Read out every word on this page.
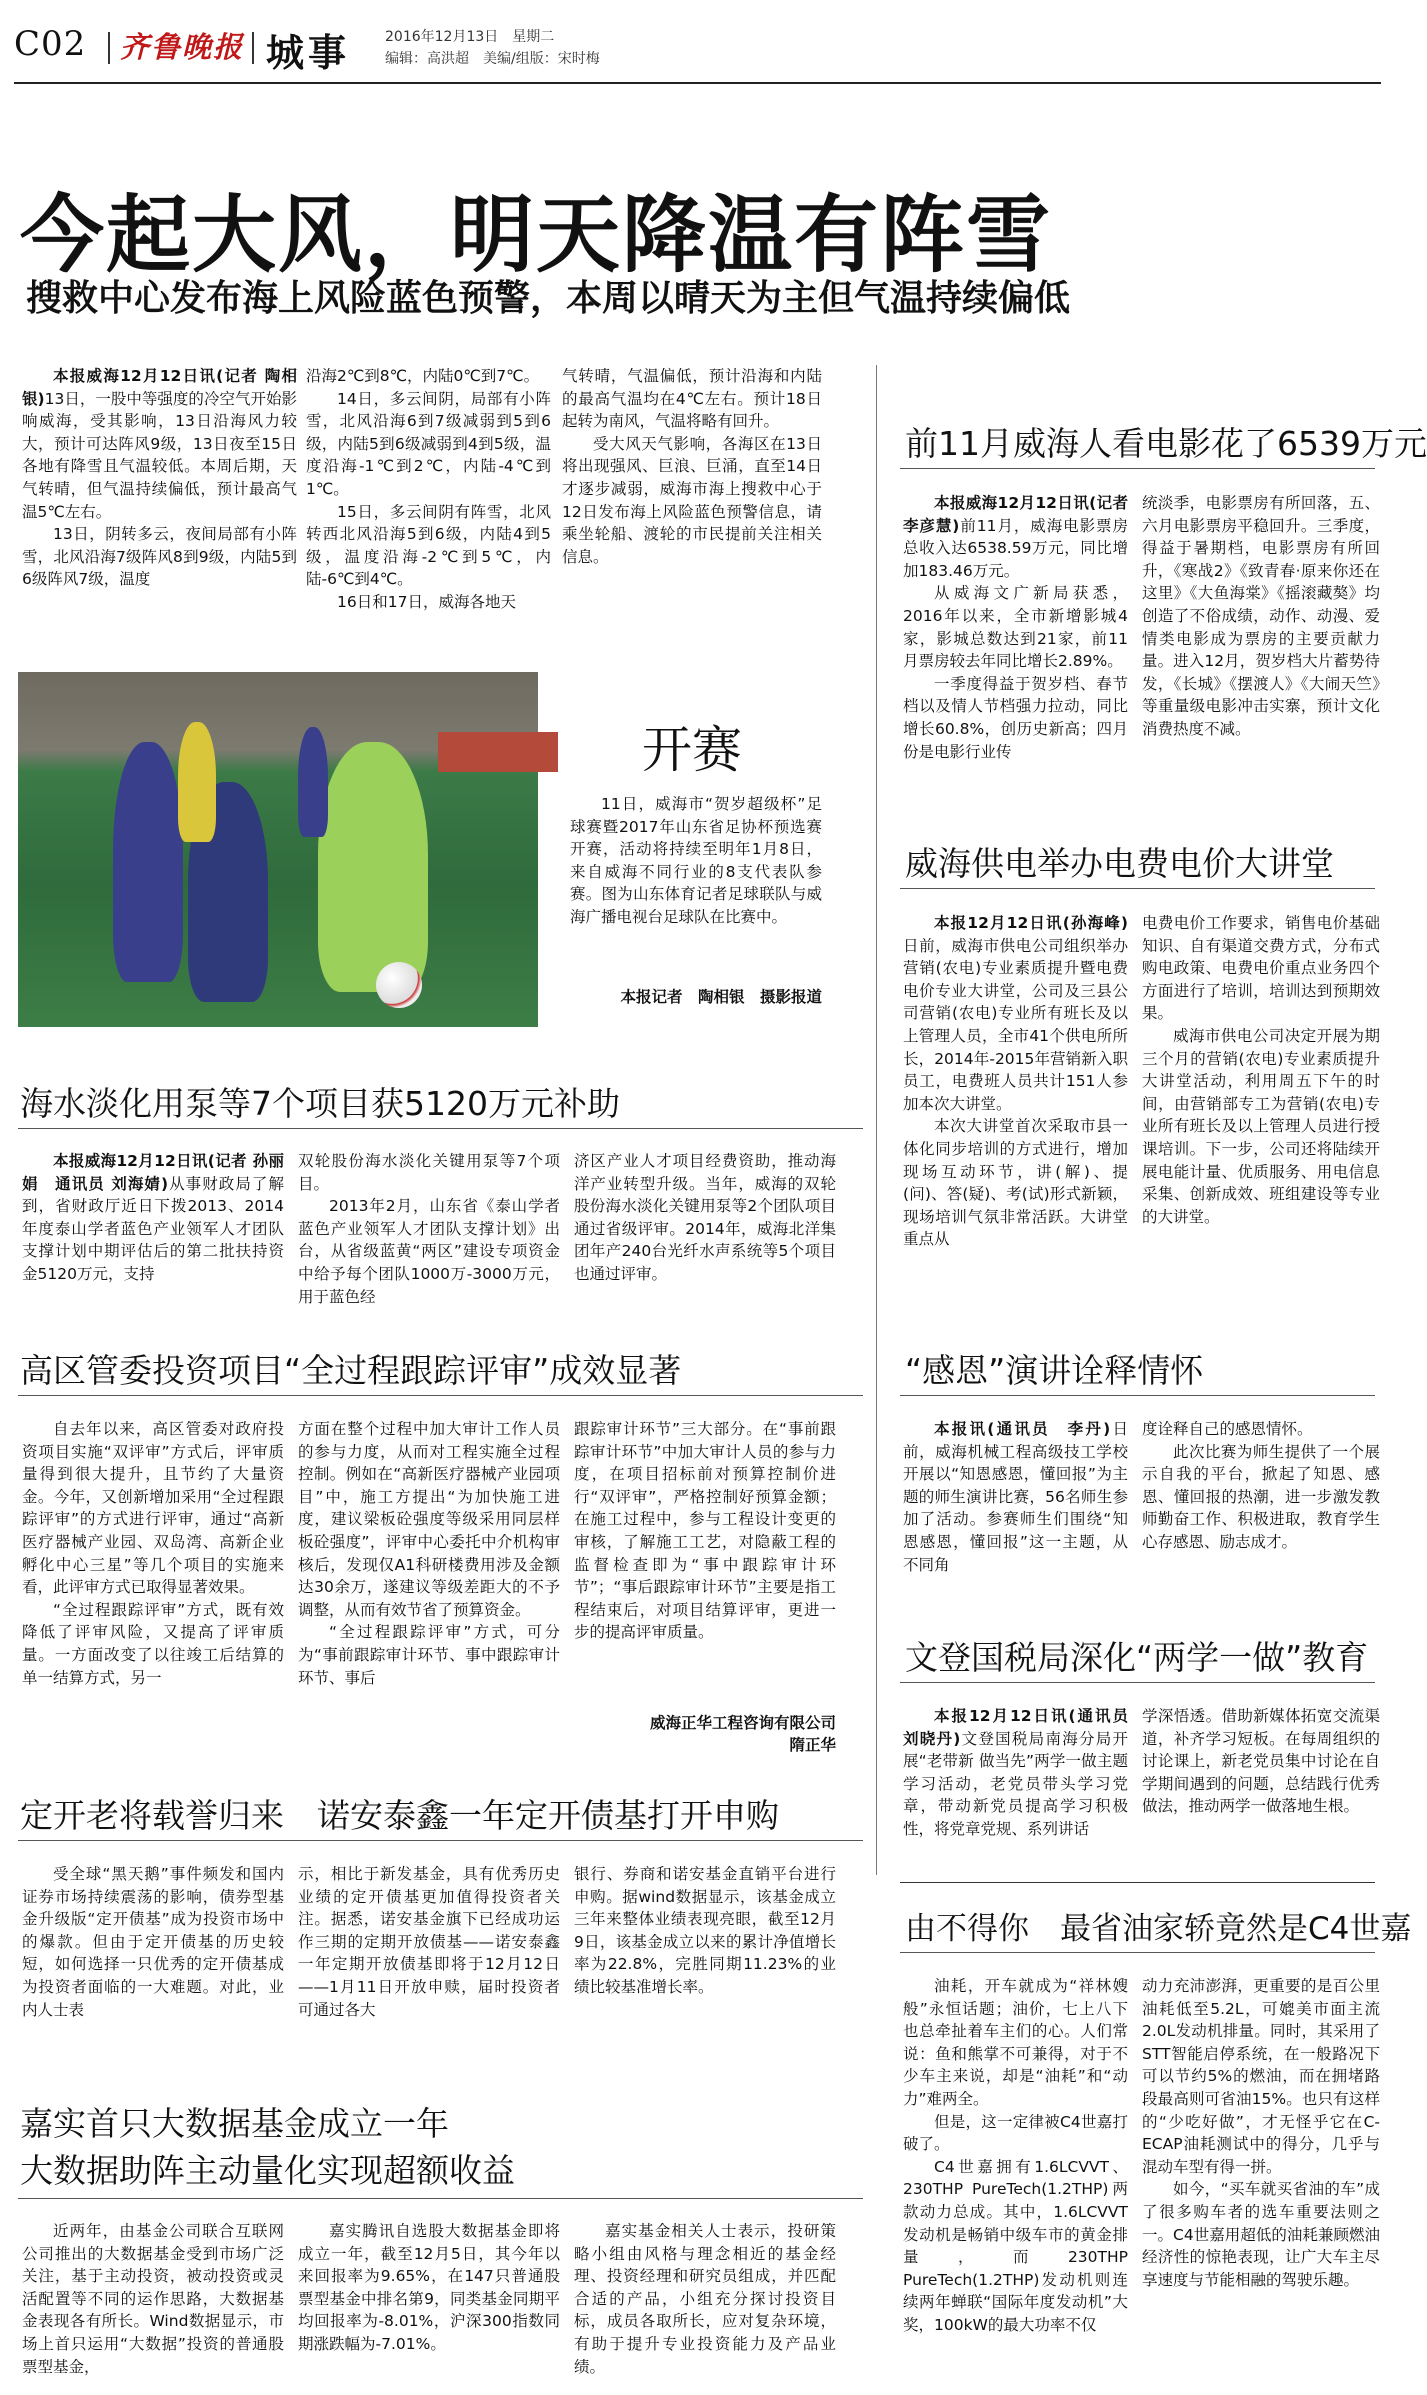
C02 齐鲁晚报 城事 2016年12月13日　星期二
编辑：高洪超　美编/组版：宋时梅
今起大风，明天降温有阵雪
搜救中心发布海上风险蓝色预警，本周以晴天为主但气温持续偏低

本报威海12月12日讯(记者 陶相银)13日，一股中等强度的冷空气开始影响威海，受其影响，13日沿海风力较大，预计可达阵风9级，13日夜至15日各地有降雪且气温较低。本周后期，天气转晴，但气温持续偏低，预计最高气温5℃左右。

13日，阴转多云，夜间局部有小阵雪，北风沿海7级阵风8到9级，内陆5到6级阵风7级，温度

沿海2℃到8℃，内陆0℃到7℃。

14日，多云间阴，局部有小阵雪，北风沿海6到7级减弱到5到6级，内陆5到6级减弱到4到5级，温度沿海-1℃到2℃，内陆-4℃到1℃。

15日，多云间阴有阵雪，北风转西北风沿海5到6级，内陆4到5级，温度沿海-2℃到5℃，内陆-6℃到4℃。

16日和17日，威海各地天

气转晴，气温偏低，预计沿海和内陆的最高气温均在4℃左右。预计18日起转为南风，气温将略有回升。

受大风天气影响，各海区在13日将出现强风、巨浪、巨涌，直至14日才逐步减弱，威海市海上搜救中心于12日发布海上风险蓝色预警信息，请乘坐轮船、渡轮的市民提前关注相关信息。

开赛

11日，威海市“贺岁超级杯”足球赛暨2017年山东省足协杯预选赛开赛，活动将持续至明年1月8日，来自威海不同行业的8支代表队参赛。图为山东体育记者足球联队与威海广播电视台足球队在比赛中。

本报记者　陶相银　摄影报道
前11月威海人看电影花了6539万元

本报威海12月12日讯(记者 李彦慧)前11月，威海电影票房总收入达6538.59万元，同比增加183.46万元。

从威海文广新局获悉，2016年以来，全市新增影城4家，影城总数达到21家，前11月票房较去年同比增长2.89%。

一季度得益于贺岁档、春节档以及情人节档强力拉动，同比增长60.8%，创历史新高；四月份是电影行业传

统淡季，电影票房有所回落，五、六月电影票房平稳回升。三季度，得益于暑期档，电影票房有所回升，《寒战2》《致青春·原来你还在这里》《大鱼海棠》《摇滚藏獒》均创造了不俗成绩，动作、动漫、爱情类电影成为票房的主要贡献力量。进入12月，贺岁档大片蓄势待发，《长城》《摆渡人》《大闹天竺》等重量级电影冲击实寨，预计文化消费热度不减。

威海供电举办电费电价大讲堂

本报12月12日讯(孙海峰)日前，威海市供电公司组织举办营销(农电)专业素质提升暨电费电价专业大讲堂，公司及三县公司营销(农电)专业所有班长及以上管理人员，全市41个供电所所长，2014年-2015年营销新入职员工，电费班人员共计151人参加本次大讲堂。

本次大讲堂首次采取市县一体化同步培训的方式进行，增加现场互动环节，讲(解)、提(问)、答(疑)、考(试)形式新颖，现场培训气氛非常活跃。大讲堂重点从

电费电价工作要求，销售电价基础知识、自有渠道交费方式，分布式购电政策、电费电价重点业务四个方面进行了培训，培训达到预期效果。

威海市供电公司决定开展为期三个月的营销(农电)专业素质提升大讲堂活动，利用周五下午的时间，由营销部专工为营销(农电)专业所有班长及以上管理人员进行授课培训。下一步，公司还将陆续开展电能计量、优质服务、用电信息采集、创新成效、班组建设等专业的大讲堂。

海水淡化用泵等7个项目获5120万元补助

本报威海12月12日讯(记者 孙丽娟　通讯员 刘海婧)从事财政局了解到，省财政厅近日下拨2013、2014年度泰山学者蓝色产业领军人才团队支撑计划中期评估后的第二批扶持资金5120万元，支持

双轮股份海水淡化关键用泵等7个项目。

2013年2月，山东省《泰山学者蓝色产业领军人才团队支撑计划》出台，从省级蓝黄“两区”建设专项资金中给予每个团队1000万-3000万元，用于蓝色经

济区产业人才项目经费资助，推动海洋产业转型升级。当年，威海的双轮股份海水淡化关键用泵等2个团队项目通过省级评审。2014年，威海北洋集团年产240台光纤水声系统等5个项目也通过评审。

高区管委投资项目“全过程跟踪评审”成效显著

自去年以来，高区管委对政府投资项目实施“双评审”方式后，评审质量得到很大提升，且节约了大量资金。今年，又创新增加采用“全过程跟踪评审”的方式进行评审，通过“高新医疗器械产业园、双岛湾、高新企业孵化中心三星”等几个项目的实施来看，此评审方式已取得显著效果。

“全过程跟踪评审”方式，既有效降低了评审风险，又提高了评审质量。一方面改变了以往竣工后结算的单一结算方式，另一

方面在整个过程中加大审计工作人员的参与力度，从而对工程实施全过程控制。例如在“高新医疗器械产业园项目”中，施工方提出“为加快施工进度，建议梁板砼强度等级采用同层样板砼强度”，评审中心委托中介机构审核后，发现仅A1科研楼费用涉及金额达30余万，遂建议等级差距大的不予调整，从而有效节省了预算资金。

“全过程跟踪评审”方式，可分为“事前跟踪审计环节、事中跟踪审计环节、事后

跟踪审计环节”三大部分。在“事前跟踪审计环节”中加大审计人员的参与力度，在项目招标前对预算控制价进行“双评审”，严格控制好预算金额；在施工过程中，参与工程设计变更的审核，了解施工工艺，对隐蔽工程的监督检查即为“事中跟踪审计环节”；“事后跟踪审计环节”主要是指工程结束后，对项目结算评审，更进一步的提高评审质量。

威海正华工程咨询有限公司
隋正华
“感恩”演讲诠释情怀

本报讯(通讯员　李丹)日前，威海机械工程高级技工学校开展以“知恩感恩，懂回报”为主题的师生演讲比赛，56名师生参加了活动。参赛师生们围绕“知恩感恩，懂回报”这一主题，从不同角

度诠释自己的感恩情怀。

此次比赛为师生提供了一个展示自我的平台，掀起了知恩、感恩、懂回报的热潮，进一步激发教师勤奋工作、积极进取，教育学生心存感恩、励志成才。

文登国税局深化“两学一做”教育

本报12月12日讯(通讯员　刘晓丹)文登国税局南海分局开展“老带新 做当先”两学一做主题学习活动，老党员带头学习党章，带动新党员提高学习积极性，将党章党规、系列讲话

学深悟透。借助新媒体拓宽交流渠道，补齐学习短板。在每周组织的讨论课上，新老党员集中讨论在自学期间遇到的问题，总结践行优秀做法，推动两学一做落地生根。

定开老将载誉归来　诺安泰鑫一年定开债基打开申购

受全球“黑天鹅”事件频发和国内证券市场持续震荡的影响，债券型基金升级版“定开债基”成为投资市场中的爆款。但由于定开债基的历史较短，如何选择一只优秀的定开债基成为投资者面临的一大难题。对此，业内人士表

示，相比于新发基金，具有优秀历史业绩的定开债基更加值得投资者关注。据悉，诺安基金旗下已经成功运作三期的定期开放债基——诺安泰鑫一年定期开放债基即将于12月12日——1月11日开放申赎，届时投资者可通过各大

银行、券商和诺安基金直销平台进行申购。据wind数据显示，该基金成立三年来整体业绩表现亮眼，截至12月9日，该基金成立以来的累计净值增长率为22.8%，完胜同期11.23%的业绩比较基准增长率。

由不得你　最省油家轿竟然是C4世嘉

油耗，开车就成为“祥林嫂般”永恒话题；油价，七上八下也总牵扯着车主们的心。人们常说：鱼和熊掌不可兼得，对于不少车主来说，却是“油耗”和“动力”难两全。

但是，这一定律被C4世嘉打破了。

C4世嘉拥有1.6LCVVT、230THP PureTech(1.2THP)两款动力总成。其中，1.6LCVVT发动机是畅销中级车市的黄金排量，而230THP PureTech(1.2THP)发动机则连续两年蝉联“国际年度发动机”大奖，100kW的最大功率不仅

动力充沛澎湃，更重要的是百公里油耗低至5.2L，可媲美市面主流2.0L发动机排量。同时，其采用了STT智能启停系统，在一般路况下可以节约5%的燃油，而在拥堵路段最高则可省油15%。也只有这样的“少吃好做”，才无怪乎它在C-ECAP油耗测试中的得分，几乎与混动车型有得一拼。

如今，“买车就买省油的车”成了很多购车者的选车重要法则之一。C4世嘉用超低的油耗兼顾燃油经济性的惊艳表现，让广大车主尽享速度与节能相融的驾驶乐趣。

嘉实首只大数据基金成立一年
大数据助阵主动量化实现超额收益

近两年，由基金公司联合互联网公司推出的大数据基金受到市场广泛关注，基于主动投资，被动投资或灵活配置等不同的运作思路，大数据基金表现各有所长。Wind数据显示，市场上首只运用“大数据”投资的普通股票型基金，

嘉实腾讯自选股大数据基金即将成立一年，截至12月5日，其今年以来回报率为9.65%，在147只普通股票型基金中排名第9，同类基金同期平均回报率为-8.01%，沪深300指数同期涨跌幅为-7.01%。

嘉实基金相关人士表示，投研策略小组由风格与理念相近的基金经理、投资经理和研究员组成，并匹配合适的产品，小组充分探讨投资目标，成员各取所长，应对复杂环境，有助于提升专业投资能力及产品业绩。
